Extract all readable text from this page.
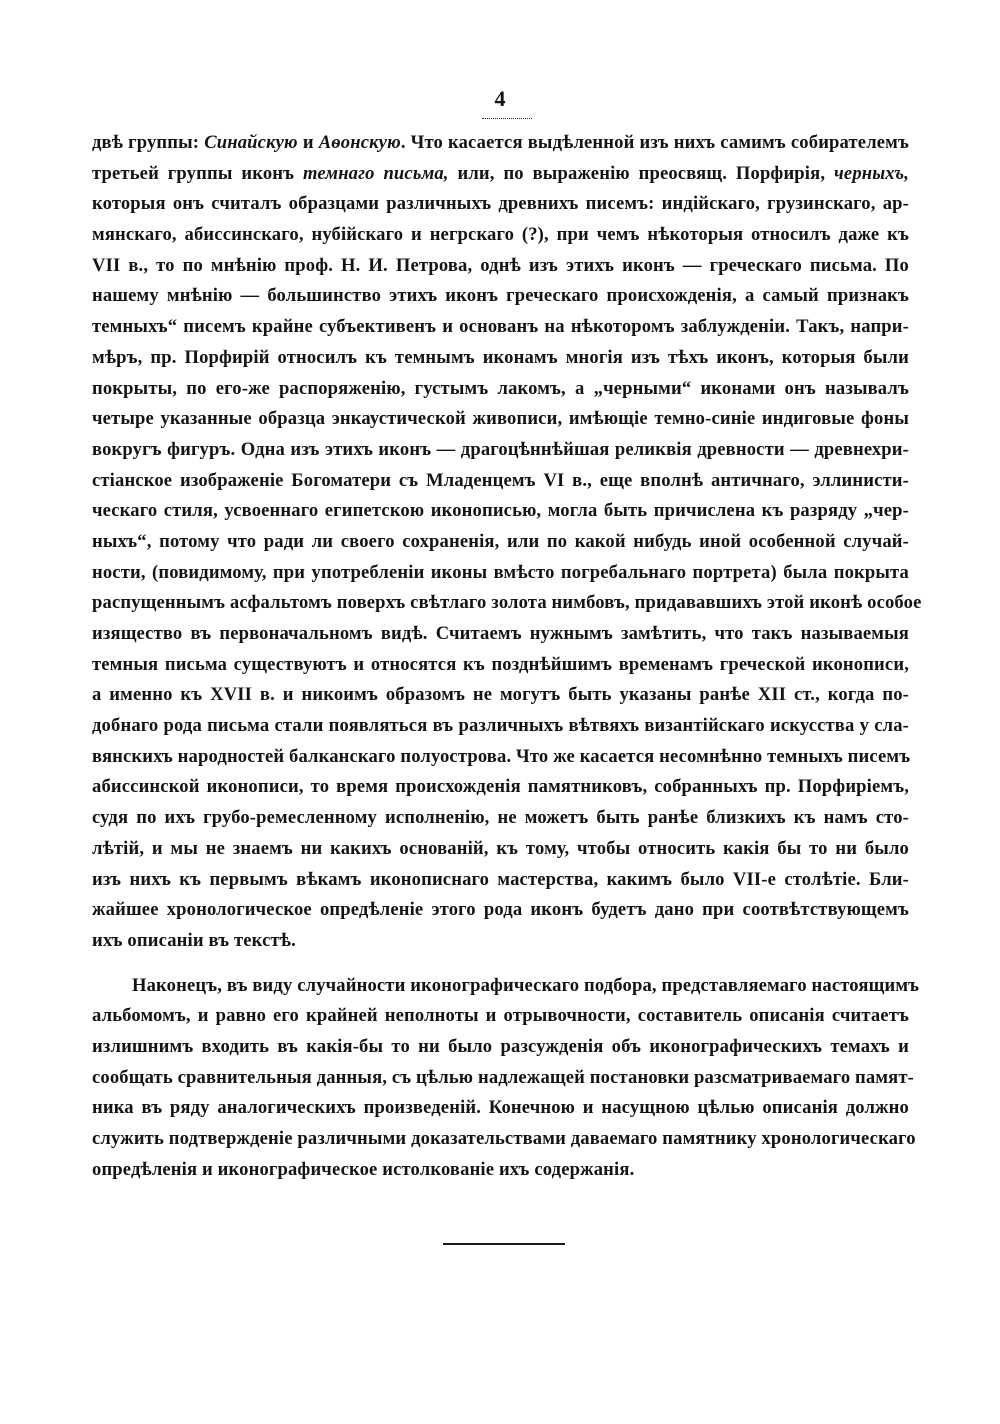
4
двѣ группы: Синайскую и Аѳонскую. Что касается выдѣленной изъ нихъ самимъ собирателемъ
третьей группы иконъ темнаго письма, или, по выраженію преосвящ. Порфирія, черныхъ,
которыя онъ считалъ образцами различныхъ древнихъ писемъ: индійскаго, грузинскаго, ар-
мянскаго, абиссинскаго, нубійскаго и негрскаго (?), при чемъ нѣкоторыя относилъ даже къ
VII в., то по мнѣнію проф. Н. И. Петрова, однѣ изъ этихъ иконъ — греческаго письма. По
нашему мнѣнію — большинство этихъ иконъ греческаго происхожденія, а самый признакъ
темныхъ“ писемъ крайне субъективенъ и основанъ на нѣкоторомъ заблужденіи. Такъ, напри-
мѣръ, пр. Порфирій относилъ къ темнымъ иконамъ многія изъ тѣхъ иконъ, которыя были
покрыты, по его-же распоряженію, густымъ лакомъ, а „черными“ иконами онъ называлъ
четыре указанные образца энкаустической живописи, имѣющіе темно-синіе индиговые фоны
вокругъ фигуръ. Одна изъ этихъ иконъ — драгоцѣннѣйшая реликвія древности — древнехри-
стіанское изображеніе Богоматери съ Младенцемъ VI в., еще вполнѣ античнаго, эллинисти-
ческаго стиля, усвоеннаго египетскою иконописью, могла быть причислена къ разряду „чер-
ныхъ“, потому что ради ли своего сохраненія, или по какой нибудь иной особенной случай-
ности, (повидимому, при употребленіи иконы вмѣсто погребальнаго портрета) была покрыта
распущеннымъ асфальтомъ поверхъ свѣтлаго золота нимбовъ, придававшихъ этой иконѣ особое
изящество въ первоначальномъ видѣ. Считаемъ нужнымъ замѣтить, что такъ называемыя
темныя письма существуютъ и относятся къ позднѣйшимъ временамъ греческой иконописи,
а именно къ XVII в. и никоимъ образомъ не могутъ быть указаны ранѣе XII ст., когда по-
добнаго рода письма стали появляться въ различныхъ вѣтвяхъ византійскаго искусства у сла-
вянскихъ народностей балканскаго полуострова. Что же касается несомнѣнно темныхъ писемъ
абиссинской иконописи, то время происхожденія памятниковъ, собранныхъ пр. Порфиріемъ,
судя по ихъ грубо-ремесленному исполненію, не можетъ быть ранѣе близкихъ къ намъ сто-
лѣтій, и мы не знаемъ ни какихъ основаній, къ тому, чтобы относить какія бы то ни было
изъ нихъ къ первымъ вѣкамъ иконописнаго мастерства, какимъ было VII-е столѣтіе. Бли-
жайшее хронологическое опредѣленіе этого рода иконъ будетъ дано при соотвѣтствующемъ
ихъ описаніи въ текстѣ.
Наконецъ, въ виду случайности иконографическаго подбора, представляемаго настоящимъ
альбомомъ, и равно его крайней неполноты и отрывочности, составитель описанія считаетъ
излишнимъ входить въ какія-бы то ни было разсужденія объ иконографическихъ темахъ и
сообщать сравнительныя данныя, съ цѣлью надлежащей постановки разсматриваемаго памят-
ника въ ряду аналогическихъ произведеній. Конечною и насущною цѣлью описанія должно
служить подтвержденіе различными доказательствами даваемаго памятнику хронологическаго
опредѣленія и иконографическое истолкованіе ихъ содержанія.
